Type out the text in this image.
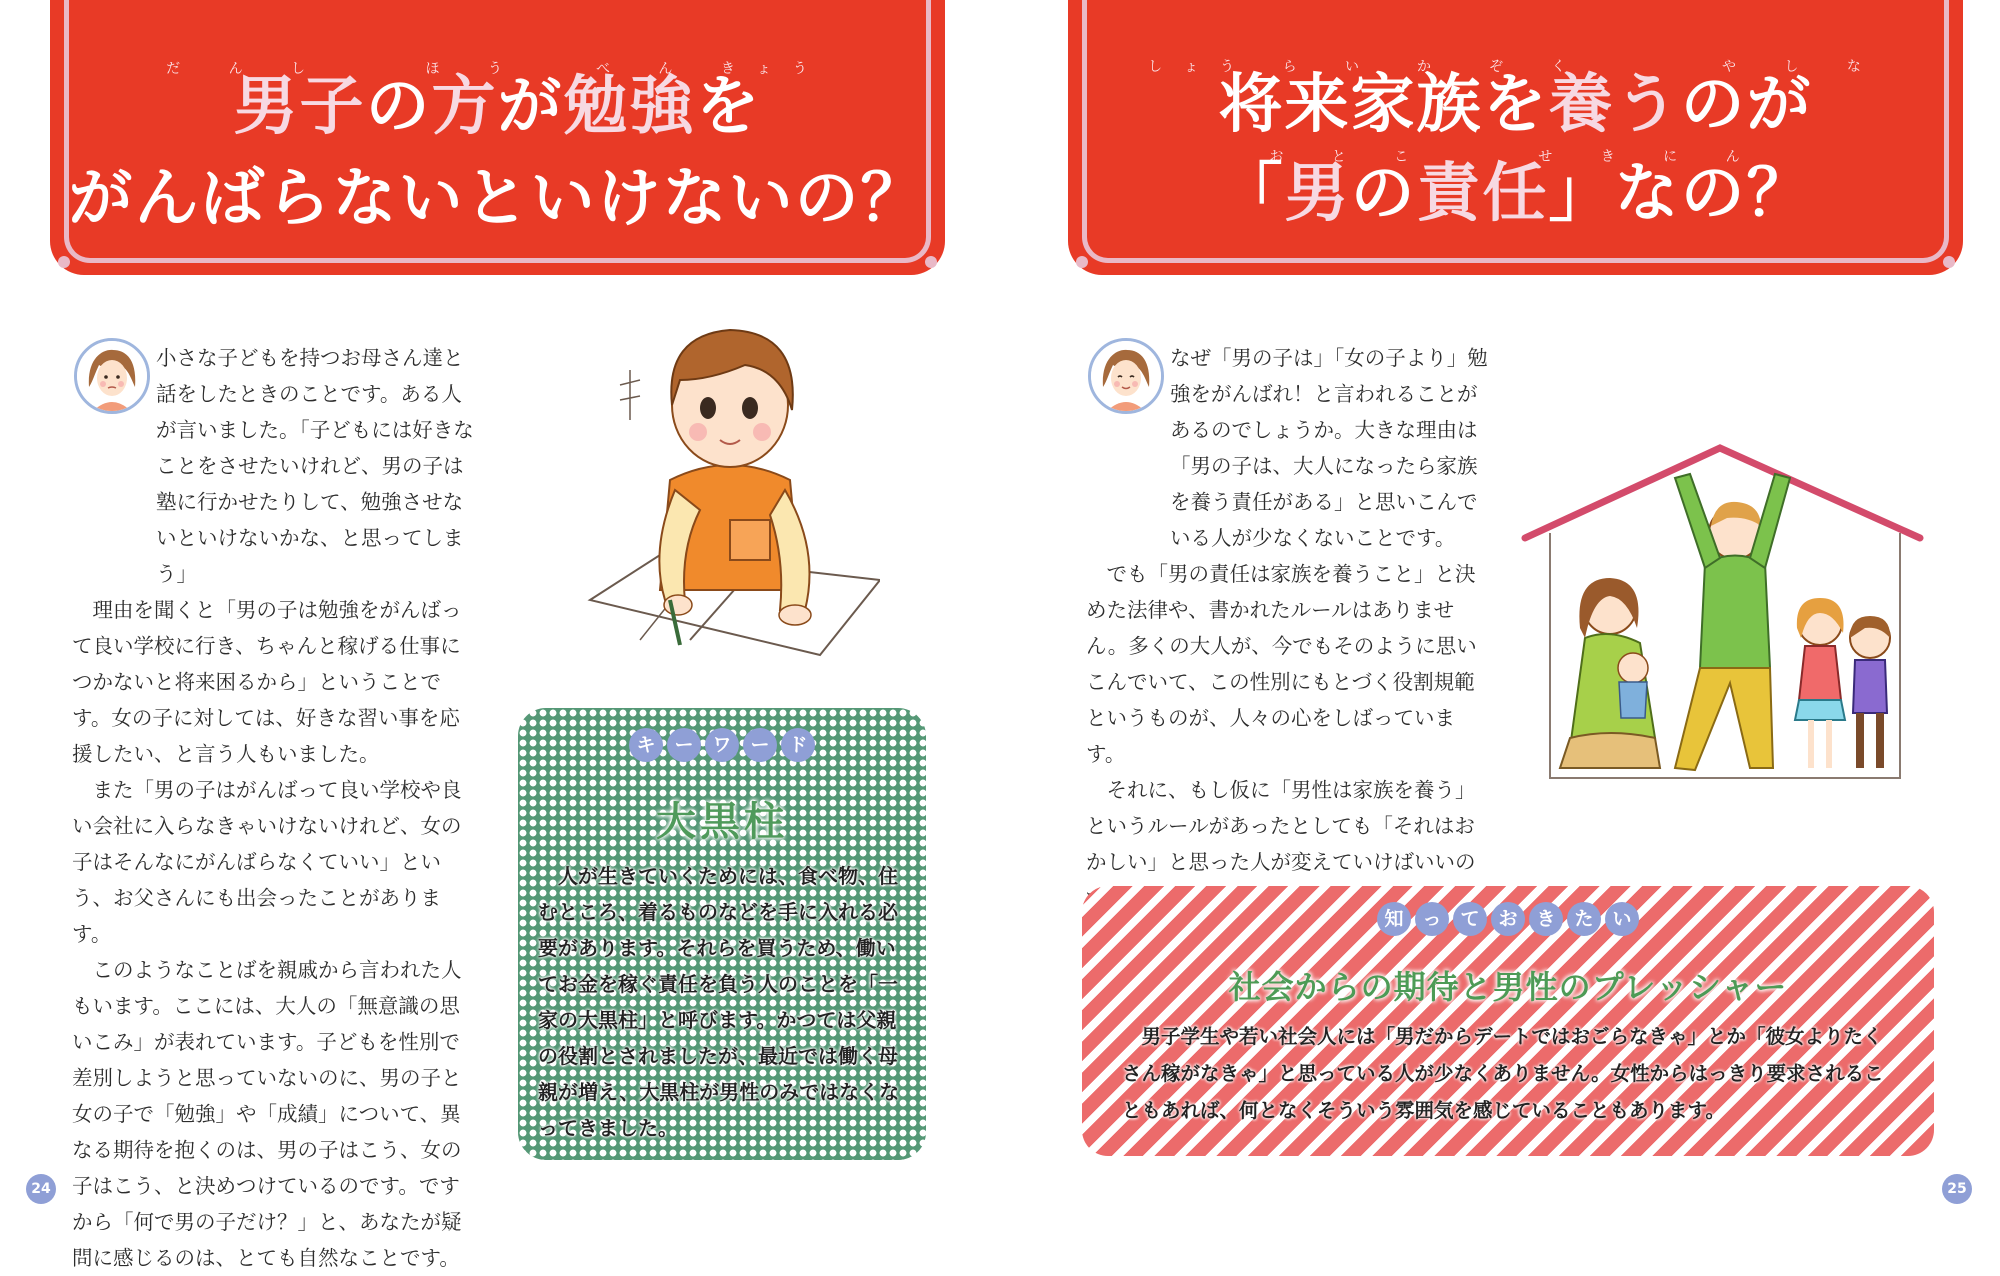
だ ん し　　 ほ う　　べ ん きょう
男子の方が勉強を
がんばらないといけないの？

小さな子どもを持つお母さん達と話をしたときのことです。ある人が言いました。「子どもには好きなことをさせたいけれど、男の子は塾に行かせたりして、勉強させないといけないかな、と思ってしまう」

理由を聞くと「男の子は勉強をがんばって良い学校に行き、ちゃんと稼げる仕事につかないと将来困るから」ということです。女の子に対しては、好きな習い事を応援したい、と言う人もいました。

また「男の子はがんばって良い学校や良い会社に入らなきゃいけないけれど、女の子はそんなにがんばらなくていい」という、お父さんにも出会ったことがあります。

このようなことばを親戚から言われた人もいます。ここには、大人の「無意識の思いこみ」が表れています。子どもを性別で差別しようと思っていないのに、男の子と女の子で「勉強」や「成績」について、異なる期待を抱くのは、男の子はこう、女の子はこう、と決めつけているのです。ですから「何で男の子だけ？」と、あなたが疑問に感じるのは、とても自然なことです。

キ ー ワ ー ド
大黒柱
人が生きていくためには、食べ物、住むところ、着るものなどを手に入れる必要があります。それらを買うため、働いてお金を稼ぐ責任を負う人のことを「一家の大黒柱」と呼びます。かつては父親の役割とされましたが、最近では働く母親が増え、大黒柱が男性のみではなくなってきました。
24
しょう ら い　か　ぞ く　　　 や し な
将来家族を養うのが
お と こ　　　せ き に ん
「男の責任」なの？

なぜ「男の子は」「女の子より」勉強をがんばれ！と言われることがあるのでしょうか。大きな理由は「男の子は、大人になったら家族を養う責任がある」と思いこんでいる人が少なくないことです。

でも「男の責任は家族を養うこと」と決めた法律や、書かれたルールはありません。多くの大人が、今でもそのように思いこんでいて、この性別にもとづく役割規範というものが、人々の心をしばっています。

それに、もし仮に「男性は家族を養う」というルールがあったとしても「それはおかしい」と思った人が変えていけばいいの

知 っ て お き た い
社会からの期待と男性のプレッシャー
男子学生や若い社会人には「男だからデートではおごらなきゃ」とか「彼女よりたくさん稼がなきゃ」と思っている人が少なくありません。女性からはっきり要求されることもあれば、何となくそういう雰囲気を感じていることもあります。
25
